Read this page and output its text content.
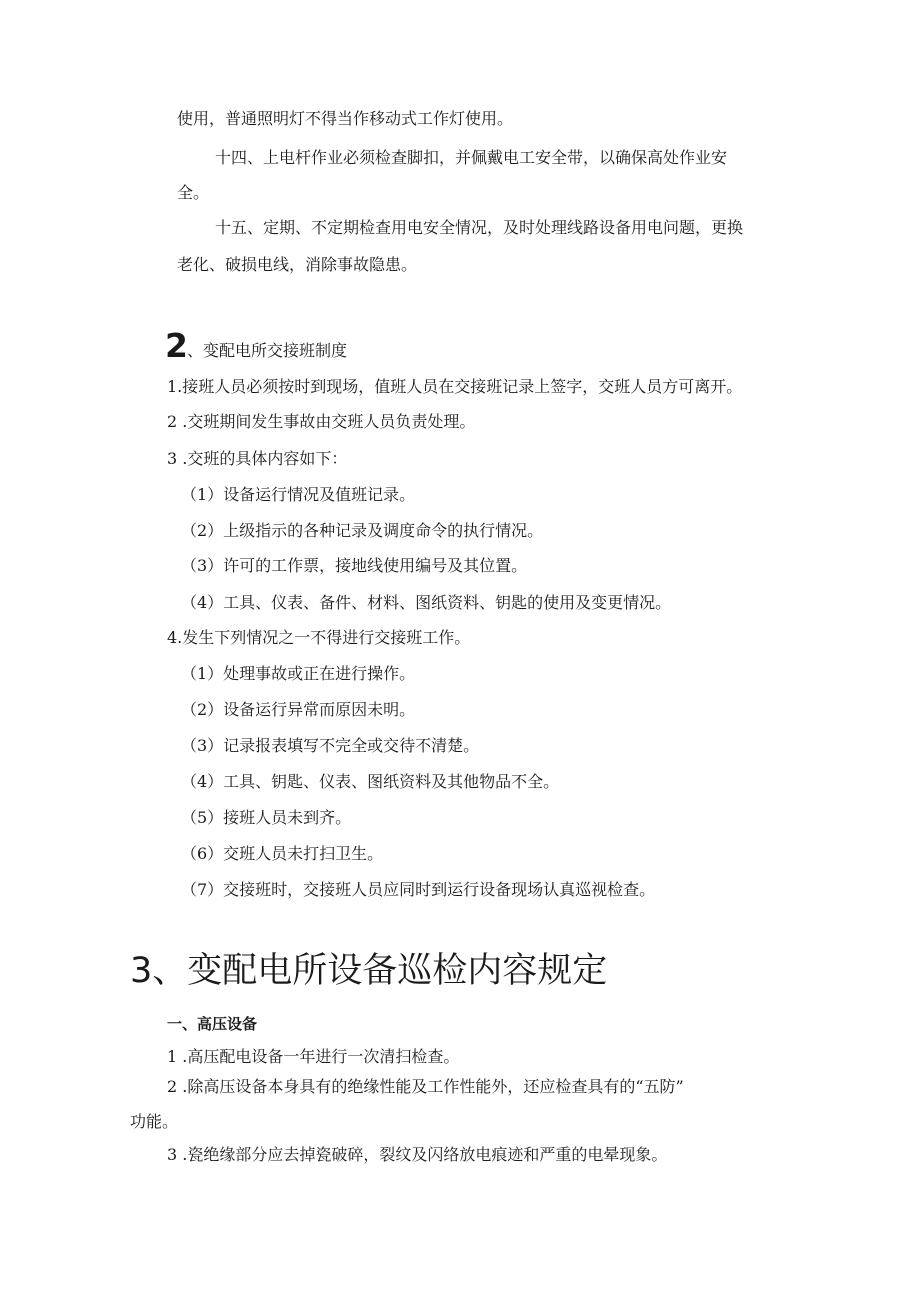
使用，普通照明灯不得当作移动式工作灯使用。
十四、上电杆作业必须检查脚扣，并佩戴电工安全带，以确保高处作业安
全。
十五、定期、不定期检查用电安全情况，及时处理线路设备用电问题，更换
老化、破损电线，消除事故隐患。
2 、变配电所交接班制度
1.接班人员必须按时到现场，值班人员在交接班记录上签字，交班人员方可离开。
2 .交班期间发生事故由交班人员负责处理。
3 .交班的具体内容如下：
（1）设备运行情况及值班记录。
（2）上级指示的各种记录及调度命令的执行情况。
（3）许可的工作票，接地线使用编号及其位置。
（4）工具、仪表、备件、材料、图纸资料、钥匙的使用及变更情况。
4.发生下列情况之一不得进行交接班工作。
（1）处理事故或正在进行操作。
（2）设备运行异常而原因未明。
（3）记录报表填写不完全或交待不清楚。
（4）工具、钥匙、仪表、图纸资料及其他物品不全。
（5）接班人员未到齐。
（6）交班人员未打扫卫生。
（7）交接班时，交接班人员应同时到运行设备现场认真巡视检查。
3、变配电所设备巡检内容规定
一、高压设备
1 .高压配电设备一年进行一次清扫检查。
2 .除高压设备本身具有的绝缘性能及工作性能外，还应检查具有的“五防”
功能。
3 .瓷绝缘部分应去掉瓷破碎，裂纹及闪络放电痕迹和严重的电晕现象。
